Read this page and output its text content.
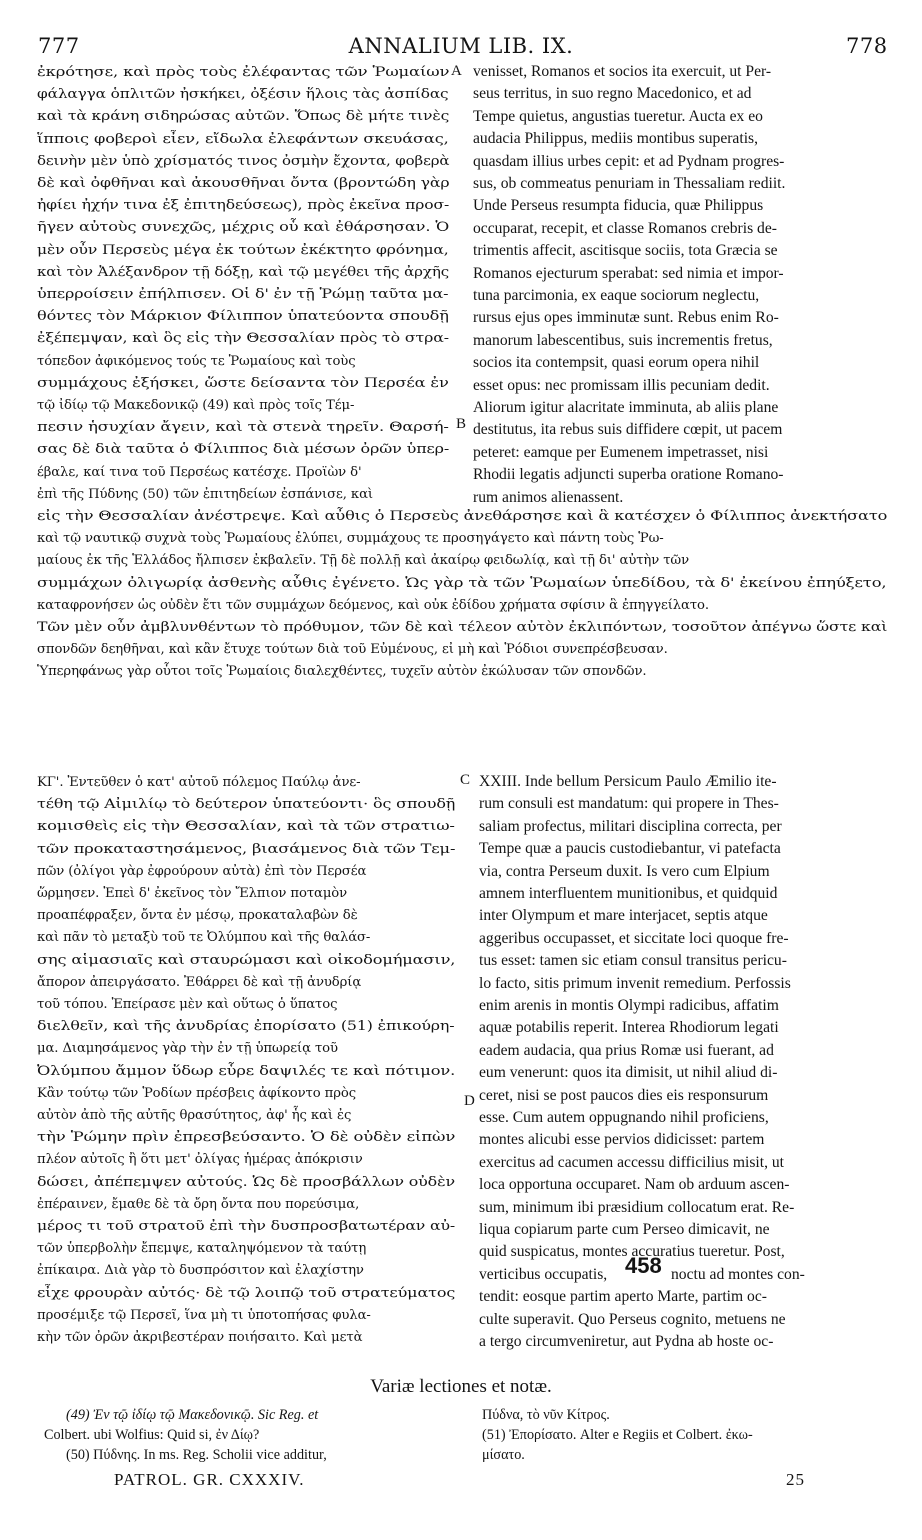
777	ANNALIUM LIB. IX.	778
ἐκρότησε, καὶ πρὸς τοὺς ἐλέφαντας τῶν Ῥωμαίων
φάλαγγα ὁπλιτῶν ἠσκήκει, ὀξέσιν ἥλοις τὰς ἀσπίδας
καὶ τὰ κράνη σιδηρώσας αὐτῶν. Ὅπως δὲ μήτε τινὲς
ἵπποις φοβεροὶ εἶεν, εἴδωλα ἐλεφάντων σκευάσας,
δεινὴν μὲν ὑπὸ χρίσματός τινος ὀσμὴν ἔχοντα, φοβερὰ
δὲ καὶ ὀφθῆναι καὶ ἀκουσθῆναι ὄντα (βροντώδη γὰρ
ἠφίει ἠχήν τινα ἐξ ἐπιτηδεύσεως), πρὸς ἐκεῖνα προσ-
ῆγεν αὐτοὺς συνεχῶς, μέχρις οὗ καὶ ἐθάρσησαν. Ὁ
μὲν οὖν Περσεὺς μέγα ἐκ τούτων ἐκέκτητο φρόνημα,
καὶ τὸν Ἀλέξανδρον τῇ δόξῃ, καὶ τῷ μεγέθει τῆς ἀρχῆς
ὑπερροίσειν ἐπήλπισεν. Οἱ δ' ἐν τῇ Ῥώμῃ ταῦτα μα-
θόντες τὸν Μάρκιον Φίλιππον ὑπατεύοντα σπουδῇ
ἐξέπεμψαν, καὶ ὃς εἰς τὴν Θεσσαλίαν πρὸς τὸ στρα-
τόπεδον ἀφικόμενος τούς τε Ῥωμαίους καὶ τοὺς
συμμάχους ἐξήσκει, ὥστε δείσαντα τὸν Περσέα ἐν
τῷ ἰδίῳ τῷ Μακεδονικῷ (49) καὶ πρὸς τοῖς Τέμ-
πεσιν ἡσυχίαν ἄγειν, καὶ τὰ στενὰ τηρεῖν. Θαρσή-
σας δὲ διὰ ταῦτα ὁ Φίλιππος διὰ μέσων ὀρῶν ὑπερ-
έβαλε, καί τινα τοῦ Περσέως κατέσχε. Προϊὼν δ'
ἐπὶ τῆς Πύδνης (50) τῶν ἐπιτηδείων ἐσπάνισε, καὶ
venisset, Romanos et socios ita exercuit, ut Per-
seus territus, in suo regno Macedonico, et ad
Tempe quietus, angustias tueretur. Aucta ex eo
audacia Philippus, mediis montibus superatis,
quasdam illius urbes cepit: et ad Pydnam progres-
sus, ob commeatus penuriam in Thessaliam rediit.
Unde Perseus resumpta fiducia, quæ Philippus
occuparat, recepit, et classe Romanos crebris de-
trimentis affecit, ascitisque sociis, tota Græcia se
Romanos ejecturum sperabat: sed nimia et impor-
tuna parcimonia, ex eaque sociorum neglectu,
rursus ejus opes imminutæ sunt. Rebus enim Ro-
manorum labescentibus, suis incrementis fretus,
socios ita contempsit, quasi eorum opera nihil
esset opus: nec promissam illis pecuniam dedit.
Aliorum igitur alacritate imminuta, ab aliis plane
destitutus, ita rebus suis diffidere cœpit, ut pacem
peteret: eamque per Eumenem impetrasset, nisi
Rhodii legatis adjuncti superba oratione Romano-
rum animos alienassent.
εἰς τὴν Θεσσαλίαν ἀνέστρεψε. Καὶ αὖθις ὁ Περσεὺς ἀνεθάρσησε καὶ ἃ κατέσχεν ὁ Φίλιππος ἀνεκτήσατο
καὶ τῷ ναυτικῷ συχνὰ τοὺς Ῥωμαίους ἐλύπει, συμμάχους τε προσηγάγετο καὶ πάντη τοὺς Ῥω-
μαίους ἐκ τῆς Ἑλλάδος ἤλπισεν ἐκβαλεῖν. Τῇ δὲ πολλῇ καὶ ἀκαίρῳ φειδωλίᾳ, καὶ τῇ δι' αὐτὴν τῶν
συμμάχων ὀλιγωρίᾳ ἀσθενὴς αὖθις ἐγένετο. Ὡς γὰρ τὰ τῶν Ῥωμαίων ὑπεδίδου, τὰ δ' ἐκείνου ἐπηύξετο,
καταφρονήσεν ὡς οὐδὲν ἔτι τῶν συμμάχων δεόμενος, καὶ οὐκ ἐδίδου χρήματα σφίσιν ἃ ἐπηγγείλατο.
Τῶν μὲν οὖν ἀμβλυνθέντων τὸ πρόθυμον, τῶν δὲ καὶ τέλεον αὐτὸν ἐκλιπόντων, τοσοῦτον ἀπέγνω ὥστε καὶ
σπονδῶν δεηθῆναι, καὶ κἂν ἔτυχε τούτων διὰ τοῦ Εὐμένους, εἰ μὴ καὶ Ῥόδιοι συνεπρέσβευσαν.
Ὑπερηφάνως γὰρ οὗτοι τοῖς Ῥωμαίοις διαλεχθέντες, τυχεῖν αὐτὸν ἐκώλυσαν τῶν σπονδῶν.
ΚΓ'. Ἐντεῦθεν ὁ κατ' αὐτοῦ πόλεμος Παύλῳ ἀνε-
τέθη τῷ Αἰμιλίῳ τὸ δεύτερον ὑπατεύοντι· ὃς σπουδῇ
κομισθεὶς εἰς τὴν Θεσσαλίαν, καὶ τὰ τῶν στρατιω-
τῶν προκαταστησάμενος, βιασάμενος διὰ τῶν Τεμ-
πῶν (ὀλίγοι γὰρ ἐφρούρουν αὐτὰ) ἐπὶ τὸν Περσέα
ὥρμησεν. Ἐπεὶ δ' ἐκεῖνος τὸν Ἔλπιον ποταμὸν
προαπέφραξεν, ὄντα ἐν μέσῳ, προκαταλαβὼν δὲ
καὶ πᾶν τὸ μεταξὺ τοῦ τε Ὀλύμπου καὶ τῆς θαλάσ-
σης αἱμασιαῖς καὶ σταυρώμασι καὶ οἰκοδομήμασιν,
ἄπορον ἀπειργάσατο. Ἐθάρρει δὲ καὶ τῇ ἀνυδρίᾳ
τοῦ τόπου. Ἐπείρασε μὲν καὶ οὕτως ὁ ὕπατος
διελθεῖν, καὶ τῆς ἀνυδρίας ἐπορίσατο (51) ἐπικούρη-
μα. Διαμησάμενος γὰρ τὴν ἐν τῇ ὑπωρείᾳ τοῦ
Ὀλύμπου ἄμμον ὕδωρ εὗρε δαψιλές τε καὶ πότιμον.
Κἂν τούτῳ τῶν Ῥοδίων πρέσβεις ἀφίκοντο πρὸς
αὐτὸν ἀπὸ τῆς αὐτῆς θρασύτητος, ἀφ' ἧς καὶ ἐς
τὴν Ῥώμην πρὶν ἐπρεσβεύσαντο. Ὁ δὲ οὐδὲν εἰπὼν
πλέον αὐτοῖς ἢ ὅτι μετ' ὀλίγας ἡμέρας ἀπόκρισιν
δώσει, ἀπέπεμψεν αὐτούς. Ὡς δὲ προσβάλλων οὐδὲν
ἐπέραινεν, ἔμαθε δὲ τὰ ὄρη ὄντα που πορεύσιμα,
μέρος τι τοῦ στρατοῦ ἐπὶ τὴν δυσπροσβατωτέραν αὐ-
τῶν ὑπερβολὴν ἔπεμψε, καταληψόμενον τὰ ταύτῃ
ἐπίκαιρα. Διὰ γὰρ τὸ δυσπρόσιτον καὶ ἐλαχίστην
εἶχε φρουρὰν αὐτός· δὲ τῷ λοιπῷ τοῦ στρατεύματος
προσέμιξε τῷ Περσεῖ, ἵνα μὴ τι ὑποτοπήσας φυλα-
κὴν τῶν ὀρῶν ἀκριβεστέραν ποιήσαιτο. Καὶ μετὰ
XXIII. Inde bellum Persicum Paulo Æmilio ite-
rum consuli est mandatum: qui propere in Thes-
saliam profectus, militari disciplina correcta, per
Tempe quæ a paucis custodiebantur, vi patefacta
via, contra Perseum duxit. Is vero cum Elpium
amnem interfluentem munitionibus, et quidquid
inter Olympum et mare interjacet, septis atque
aggeribus occupasset, et siccitate loci quoque fre-
tus esset: tamen sic etiam consul transitus pericu-
lo facto, sitis primum invenit remedium. Perfossis
enim arenis in montis Olympi radicibus, affatim
aquæ potabilis reperit. Interea Rhodiorum legati
eadem audacia, qua prius Romæ usi fuerant, ad
eum venerunt: quos ita dimisit, ut nihil aliud di-
ceret, nisi se post paucos dies eis responsurum
esse. Cum autem oppugnando nihil proficiens,
montes alicubi esse pervios didicisset: partem
exercitus ad cacumen accessu difficilius misit, ut
loca opportuna occuparet. Nam ob arduum ascen-
sum, minimum ibi præsidium collocatum erat. Re-
liqua copiarum parte cum Perseo dimicavit, ne
quid suspicatus, montes accuratius tueretur. Post,
verticibus occupatis,	noctu ad montes con-
tendit: eosque partim aperto Marte, partim oc-
culte superavit. Quo Perseus cognito, metuens ne
a tergo circumveniretur, aut Pydna ab hoste oc-
A
B
C
D
458
Variæ lectiones et notæ.
(49) Ἐν τῷ ἰδίῳ τῷ Μακεδονικῷ. Sic Reg. et
Colbert. ubi Wolfius: Quid si, ἐν Δίῳ?
(50) Πύδνης. In ms. Reg. Scholii vice additur,
Πύδνα, τὸ νῦν Κίτρος.
(51) Ἐπορίσατο. Alter e Regiis et Colbert. ἐκω-
μίσατο.
PATROL. GR. CXXXIV.	25
